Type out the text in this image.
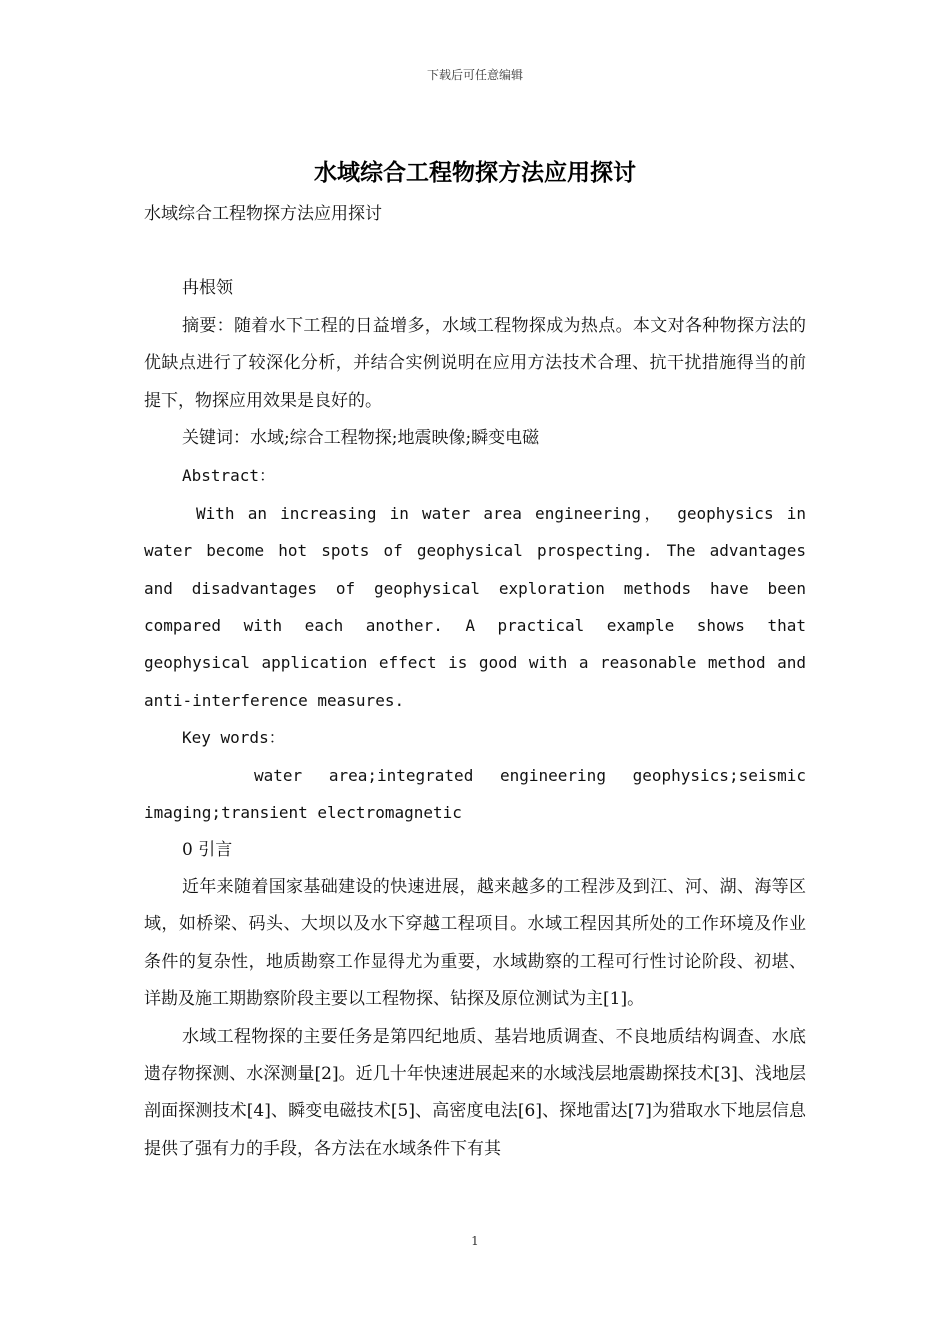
下载后可任意编辑
水域综合工程物探方法应用探讨

水域综合工程物探方法应用探讨

冉根领

摘要：随着水下工程的日益增多，水域工程物探成为热点。本文对各种物探方法的优缺点进行了较深化分析，并结合实例说明在应用方法技术合理、抗干扰措施得当的前提下，物探应用效果是良好的。

关键词：水域;综合工程物探;地震映像;瞬变电磁

Abstract：

With an increasing in water area engineering， geophysics in water become hot spots of geophysical prospecting. The advantages and disadvantages of geophysical exploration methods have been compared with each another. A practical example shows that geophysical application effect is good with a reasonable method and anti-interference measures.

Key words：

water area;integrated engineering geophysics;seismic imaging;transient electromagnetic

0 引言

近年来随着国家基础建设的快速进展，越来越多的工程涉及到江、河、湖、海等区域，如桥梁、码头、大坝以及水下穿越工程项目。水域工程因其所处的工作环境及作业条件的复杂性，地质勘察工作显得尤为重要，水域勘察的工程可行性讨论阶段、初堪、详勘及施工期勘察阶段主要以工程物探、钻探及原位测试为主[1]。

水域工程物探的主要任务是第四纪地质、基岩地质调查、不良地质结构调查、水底遗存物探测、水深测量[2]。近几十年快速进展起来的水域浅层地震勘探技术[3]、浅地层剖面探测技术[4]、瞬变电磁技术[5]、高密度电法[6]、探地雷达[7]为猎取水下地层信息提供了强有力的手段，各方法在水域条件下有其

1
